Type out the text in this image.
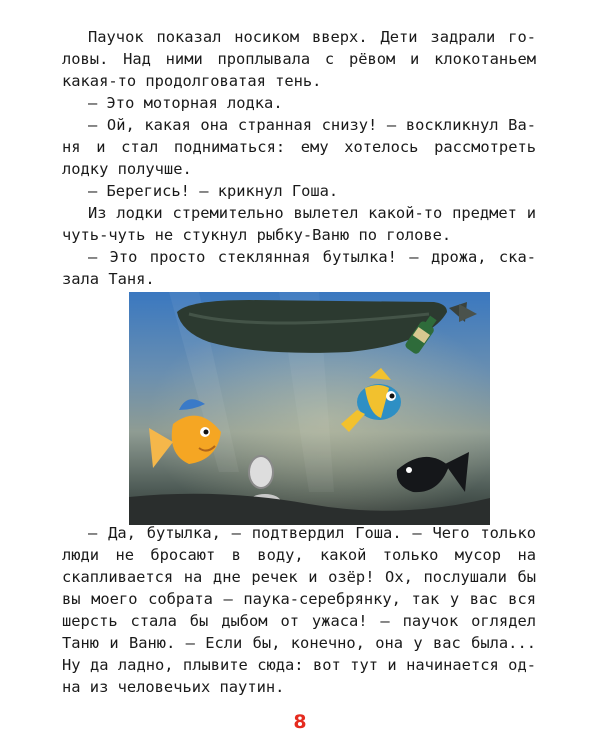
Паучок показал носиком вверх. Дети задрали головы. Над ними проплывала с рёвом и клокотаньем какая-то продолговатая тень.

– Это моторная лодка.

– Ой, какая она странная снизу! – воскликнул Ваня и стал подниматься: ему хотелось рассмотреть лодку получше.

– Берегись! – крикнул Гоша.

Из лодки стремительно вылетел какой-то предмет и чуть-чуть не стукнул рыбку-Ваню по голове.

– Это просто стеклянная бутылка! – дрожа, сказала Таня.

– Да, бутылка, – подтвердил Гоша. – Чего только люди не бросают в воду, какой только мусор на скапливается на дне речек и озёр! Ох, послушали бы вы моего собрата – паука-серебрянку, так у вас вся шерсть стала бы дыбом от ужаса! – паучок оглядел Таню и Ваню. – Если бы, конечно, она у вас была... Ну да ладно, плывите сюда: вот тут и начинается одна из человечьих паутин.

8
